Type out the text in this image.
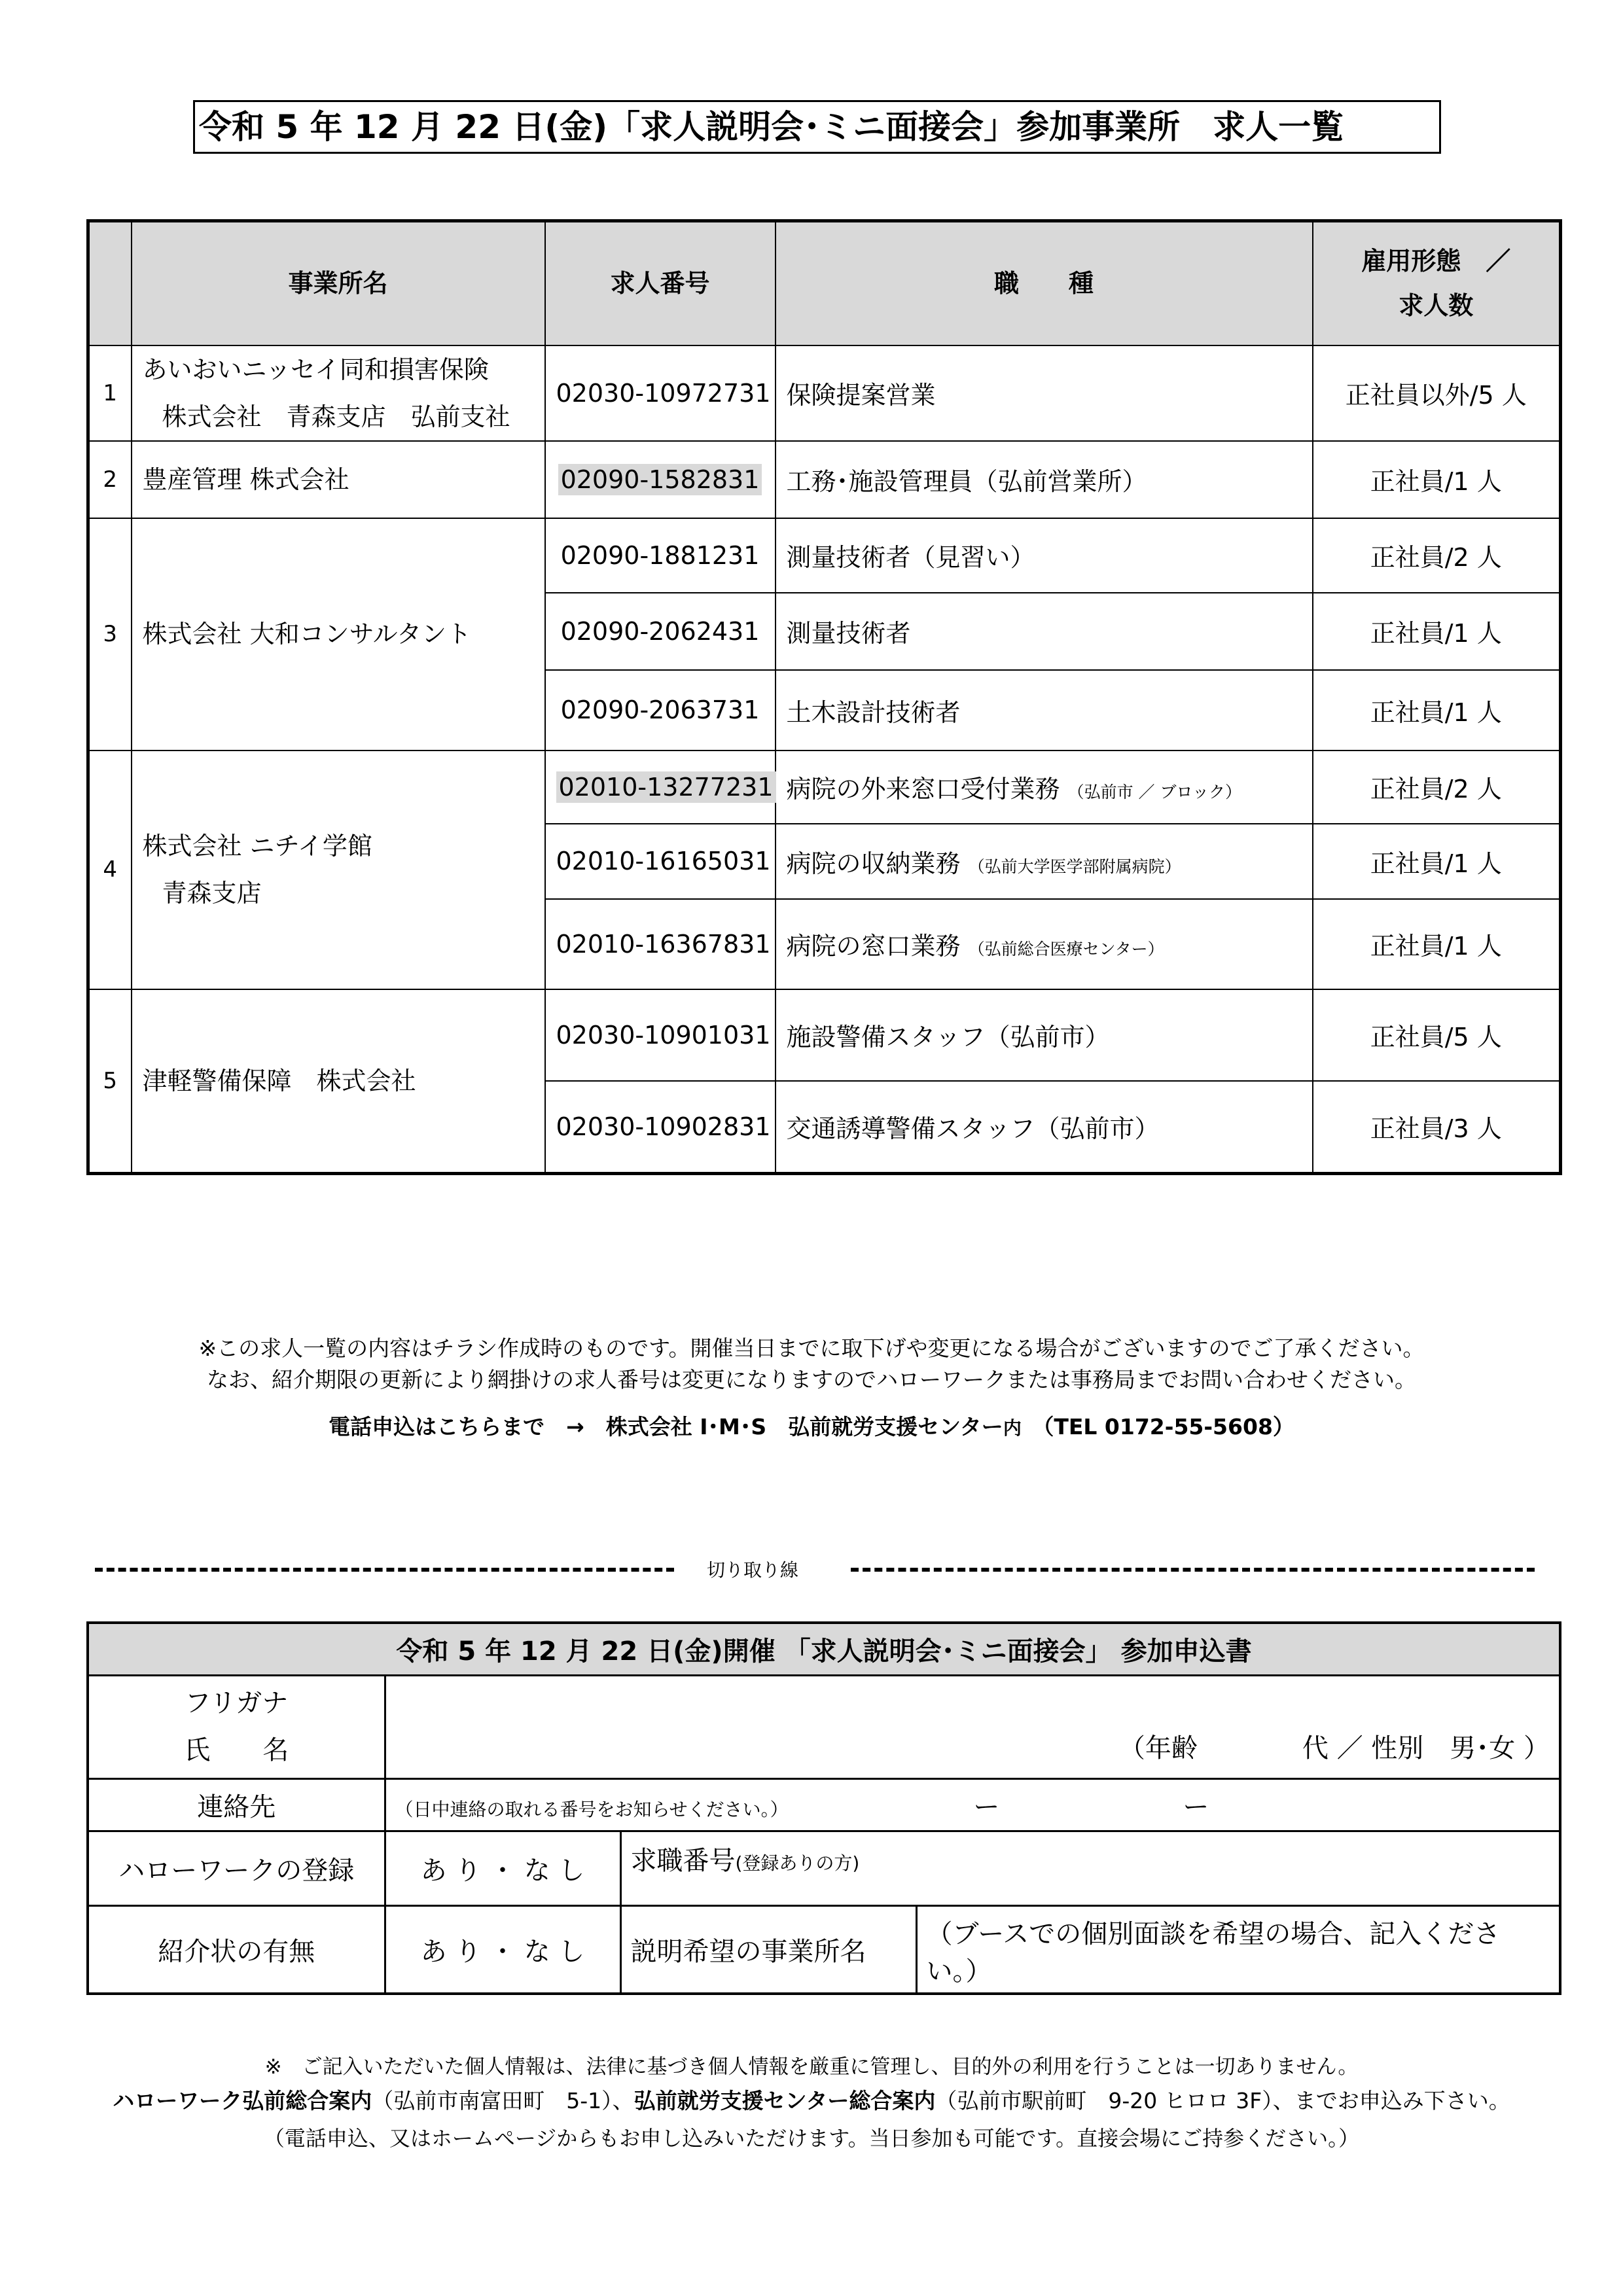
令和 5 年 12 月 22 日(金)「求人説明会･ミニ面接会」参加事業所　求人一覧
	事業所名	求人番号	職　　種	雇用形態　／
求人数

1	あいおいニッセイ同和損害保険
株式会社　青森支店　弘前支社	02030-10972731	保険提案営業	正社員以外/5 人
2	豊産管理 株式会社	02090-1582831	工務･施設管理員（弘前営業所）	正社員/1 人
3	株式会社 大和コンサルタント	02090-1881231	測量技術者（見習い）	正社員/2 人
		02090-2062431	測量技術者	正社員/1 人
		02090-2063731	土木設計技術者	正社員/1 人
4	株式会社 ニチイ学館
青森支店	02010-13277231	病院の外来窓口受付業務 （弘前市 ／ ブロック）	正社員/2 人
		02010-16165031	病院の収納業務 （弘前大学医学部附属病院）	正社員/1 人
		02010-16367831	病院の窓口業務 （弘前総合医療センター）	正社員/1 人
5	津軽警備保障　株式会社	02030-10901031	施設警備スタッフ（弘前市）	正社員/5 人
		02030-10902831	交通誘導警備スタッフ（弘前市）	正社員/3 人
※この求人一覧の内容はチラシ作成時のものです。開催当日までに取下げや変更になる場合がございますのでご了承ください。
なお、紹介期限の更新により網掛けの求人番号は変更になりますのでハローワークまたは事務局までお問い合わせください。
電話申込はこちらまで　→　株式会社 I･M･S　弘前就労支援センター内　（TEL 0172-55-5608）
切り取り線
令和 5 年 12 月 22 日(金)開催 「求人説明会･ミニ面接会」 参加申込書			

フリガナ
氏　　名	（年齢　　　　代 ／ 性別　男･女 ）		
連絡先	（日中連絡の取れる番号をお知らせください。） ー　　　　　　　ー		
ハローワークの登録	あ り ・ な し	求職番号(登録ありの方)	
紹介状の有無	あ り ・ な し	説明希望の事業所名	（ブースでの個別面談を希望の場合、記入ください。）
※　ご記入いただいた個人情報は、法律に基づき個人情報を厳重に管理し、目的外の利用を行うことは一切ありません。
ハローワーク弘前総合案内（弘前市南富田町　5-1）、弘前就労支援センター総合案内（弘前市駅前町　9-20 ヒロロ 3F）、までお申込み下さい。
（電話申込、又はホームページからもお申し込みいただけます。当日参加も可能です。直接会場にご持参ください。）
